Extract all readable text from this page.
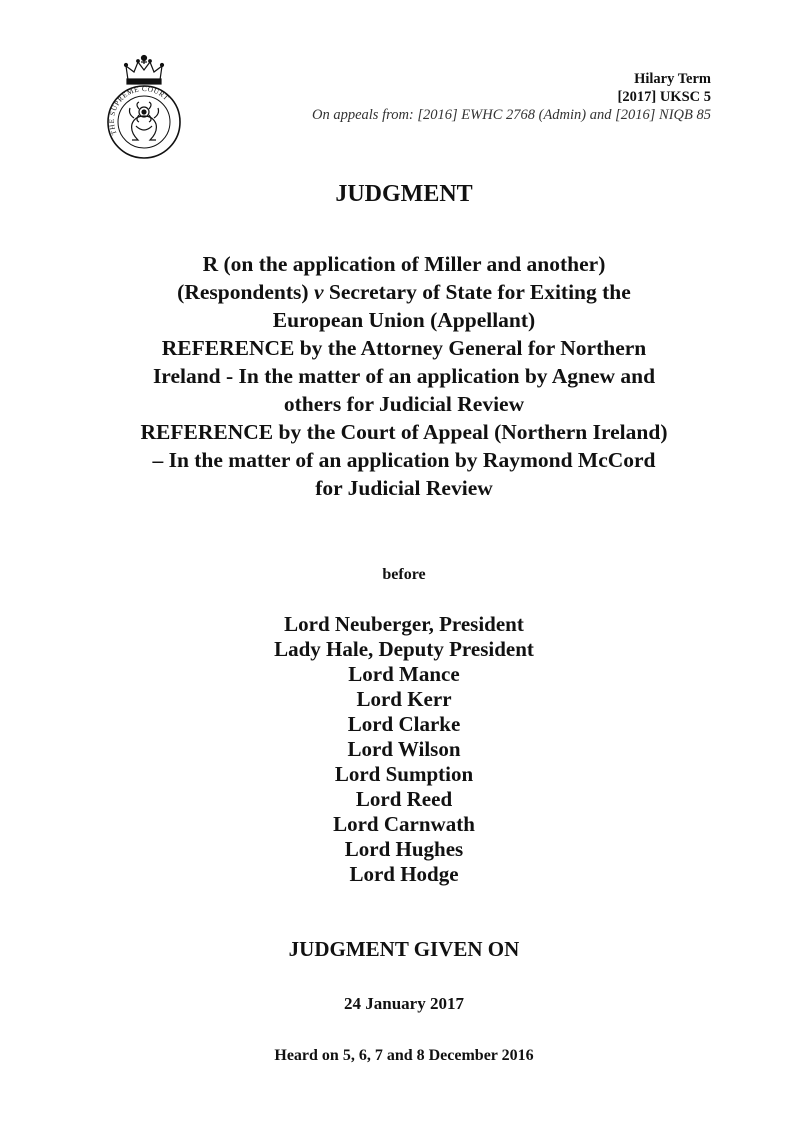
THE SUPREME COURT
Hilary Term
[2017] UKSC 5
On appeals from: [2016] EWHC 2768 (Admin) and [2016] NIQB 85
JUDGMENT
R (on the application of Miller and another)
(Respondents) v Secretary of State for Exiting the
European Union (Appellant)
REFERENCE by the Attorney General for Northern
Ireland - In the matter of an application by Agnew and
others for Judicial Review
REFERENCE by the Court of Appeal (Northern Ireland)
– In the matter of an application by Raymond McCord
for Judicial Review
before
Lord Neuberger, President
Lady Hale, Deputy President
Lord Mance
Lord Kerr
Lord Clarke
Lord Wilson
Lord Sumption
Lord Reed
Lord Carnwath
Lord Hughes
Lord Hodge
JUDGMENT GIVEN ON
24 January 2017
Heard on 5, 6, 7 and 8 December 2016
